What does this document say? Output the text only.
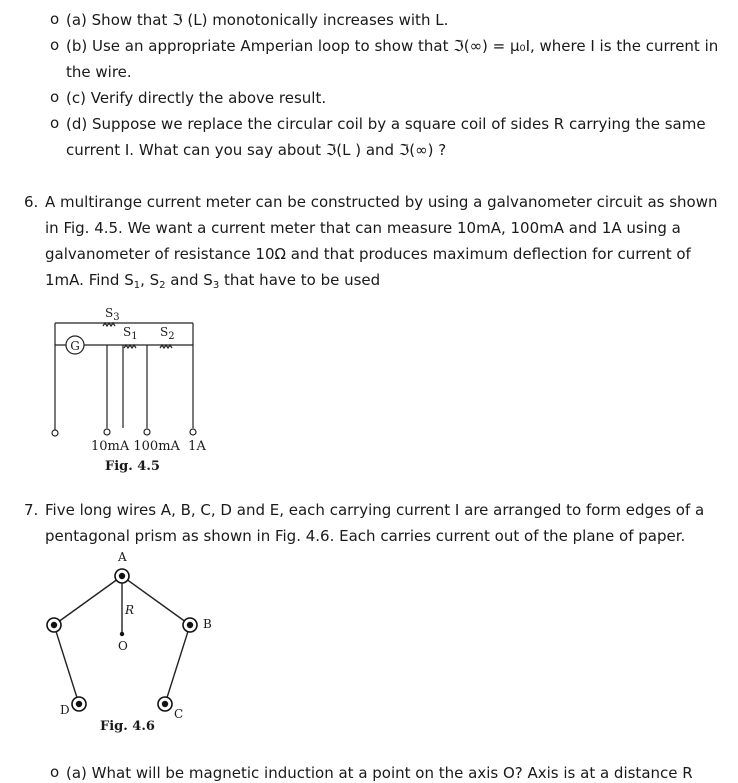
o (a) Show that ℑ (L) monotonically increases with L.
o (b) Use an appropriate Amperian loop to show that ℑ(∞) = μ₀I, where I is the current in
the wire.
o (c) Verify directly the above result.
o (d) Suppose we replace the circular coil by a square coil of sides R carrying the same
current I. What can you say about ℑ(L ) and ℑ(∞) ?
6. A multirange current meter can be constructed by using a galvanometer circuit as shown
in Fig. 4.5. We want a current meter that can measure 10mA, 100mA and 1A using a
galvanometer of resistance 10Ω and that produces maximum deflection for current of
1mA. Find $S_1$, $S_2$ and $S_3$ that have to be used
G
$S_3$
$S_1$ $S_2$
10mA 100mA  1A
Fig. 4.5
7. Five long wires A, B, C, D and E, each carrying current I are arranged to form edges of a
pentagonal prism as shown in Fig. 4.6. Each carries current out of the plane of paper.
A
B
C
D
R
O
Fig. 4.6
o (a) What will be magnetic induction at a point on the axis O? Axis is at a distance R
